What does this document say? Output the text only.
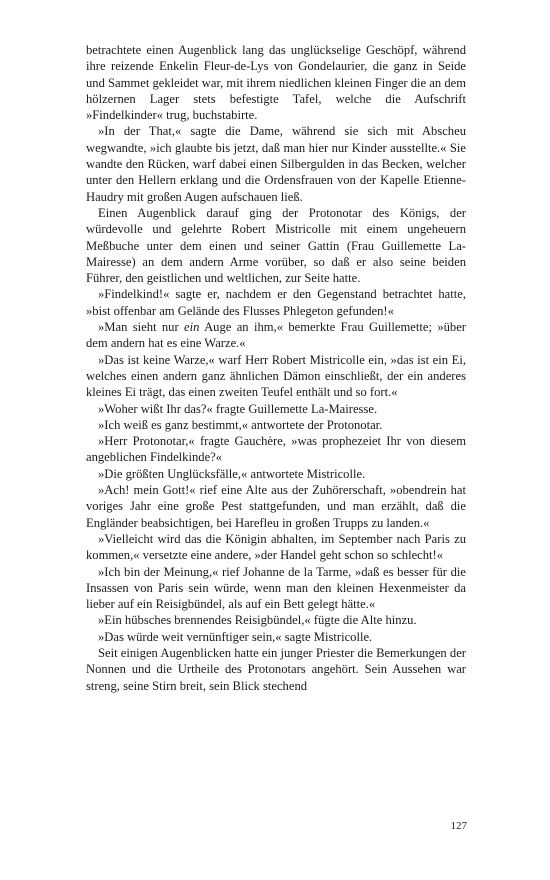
betrachtete einen Augenblick lang das unglückselige Geschöpf, während ihre reizende Enkelin Fleur-de-Lys von Gondelaurier, die ganz in Seide und Sammet gekleidet war, mit ihrem niedlichen kleinen Finger die an dem hölzernen Lager stets befestigte Tafel, welche die Aufschrift »Findelkinder« trug, buchstabirte.

»In der That,« sagte die Dame, während sie sich mit Abscheu wegwandte, »ich glaubte bis jetzt, daß man hier nur Kinder ausstellte.« Sie wandte den Rücken, warf dabei einen Silbergulden in das Becken, welcher unter den Hellern erklang und die Ordensfrauen von der Kapelle Etienne-Haudry mit großen Augen aufschauen ließ.

Einen Augenblick darauf ging der Protonotar des Königs, der würdevolle und gelehrte Robert Mistricolle mit einem ungeheuern Meßbuche unter dem einen und seiner Gattin (Frau Guillemette La-Mairesse) an dem andern Arme vorüber, so daß er also seine beiden Führer, den geistlichen und weltlichen, zur Seite hatte.

»Findelkind!« sagte er, nachdem er den Gegenstand betrachtet hatte, »bist offenbar am Gelände des Flusses Phlegeton gefunden!«

»Man sieht nur ein Auge an ihm,« bemerkte Frau Guillemette; »über dem andern hat es eine Warze.«

»Das ist keine Warze,« warf Herr Robert Mistricolle ein, »das ist ein Ei, welches einen andern ganz ähnlichen Dämon einschließt, der ein anderes kleines Ei trägt, das einen zweiten Teufel enthält und so fort.«

»Woher wißt Ihr das?« fragte Guillemette La-Mairesse.

»Ich weiß es ganz bestimmt,« antwortete der Protonotar.

»Herr Protonotar,« fragte Gauchère, »was prophezeiet Ihr von diesem angeblichen Findelkinde?«

»Die größten Unglücksfälle,« antwortete Mistricolle.

»Ach! mein Gott!« rief eine Alte aus der Zuhörerschaft, »obendrein hat voriges Jahr eine große Pest stattgefunden, und man erzählt, daß die Engländer beabsichtigen, bei Harefleu in großen Trupps zu landen.«

»Vielleicht wird das die Königin abhalten, im September nach Paris zu kommen,« versetzte eine andere, »der Handel geht schon so schlecht!«

»Ich bin der Meinung,« rief Johanne de la Tarme, »daß es besser für die Insassen von Paris sein würde, wenn man den kleinen Hexenmeister da lieber auf ein Reisigbündel, als auf ein Bett gelegt hätte.«

»Ein hübsches brennendes Reisigbündel,« fügte die Alte hinzu.

»Das würde weit vernünftiger sein,« sagte Mistricolle.

Seit einigen Augenblicken hatte ein junger Priester die Bemerkungen der Nonnen und die Urtheile des Protonotars angehört. Sein Aussehen war streng, seine Stirn breit, sein Blick stechend

127
